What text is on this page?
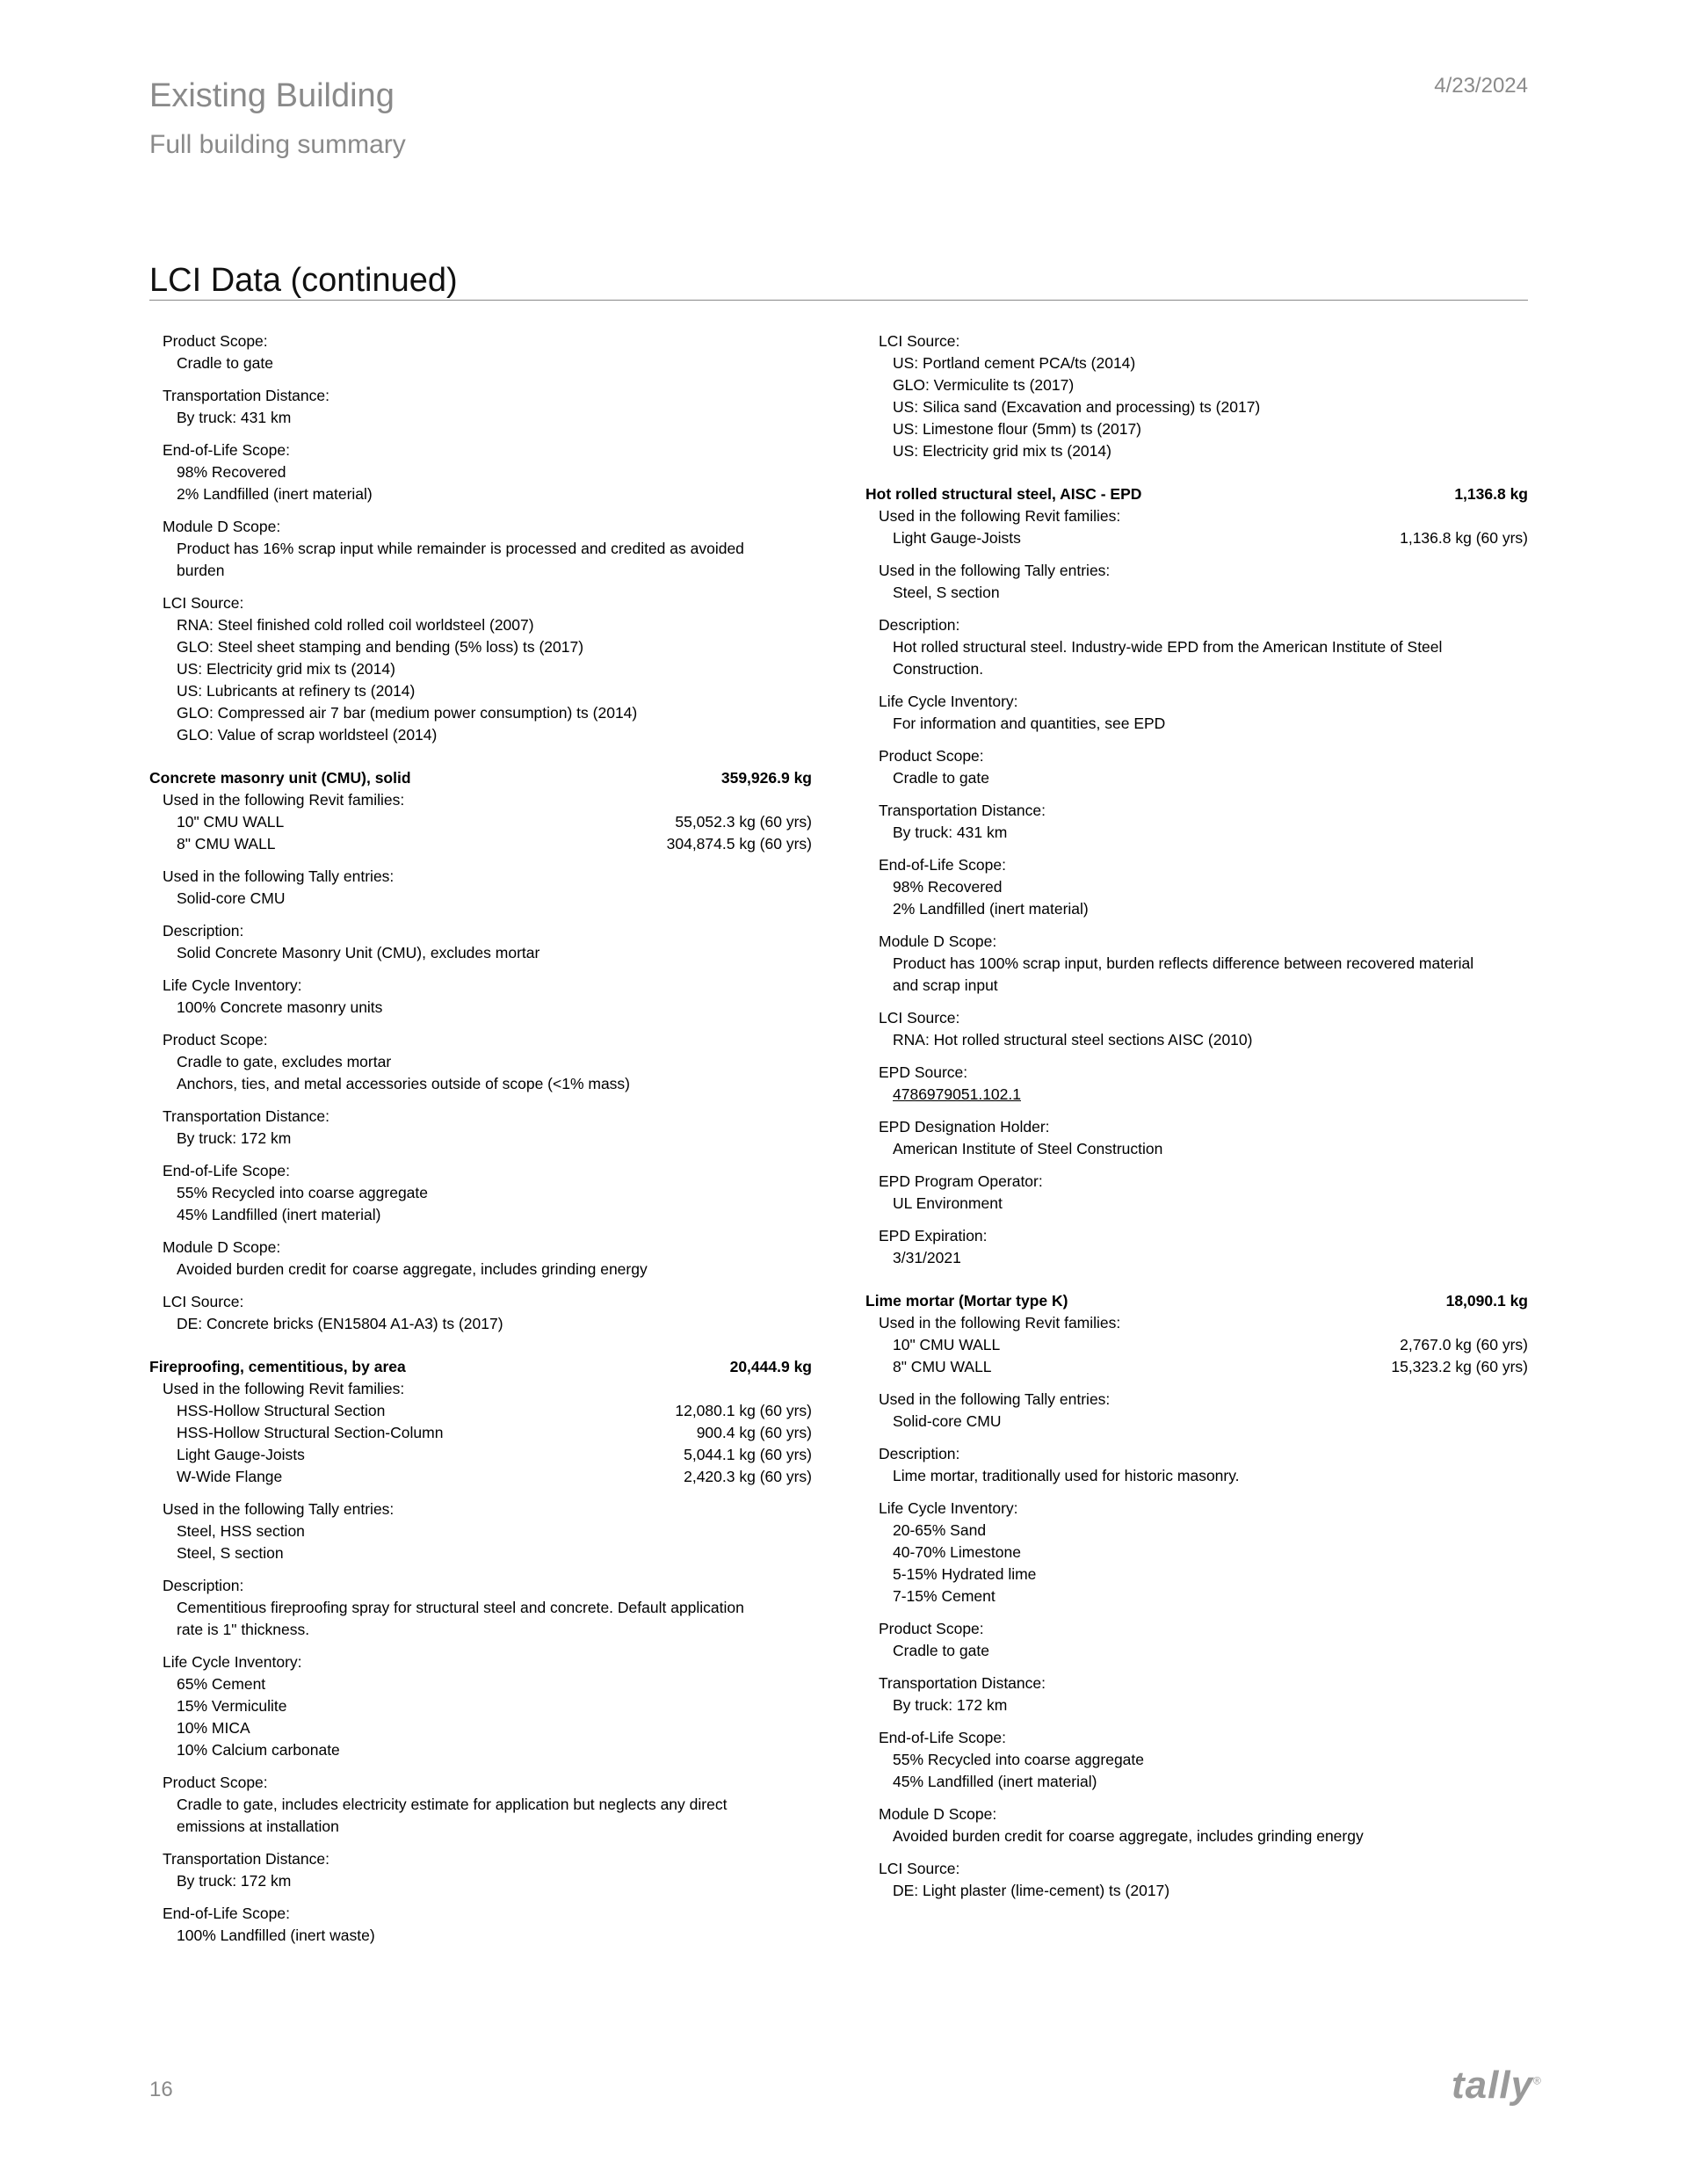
Existing Building
Full building summary
4/23/2024
LCI Data (continued)
Product Scope:
Cradle to gate
Transportation Distance:
By truck: 431 km
End-of-Life Scope:
98% Recovered
2% Landfilled (inert material)
Module D Scope:
Product has 16% scrap input while remainder is processed and credited as avoided
burden
LCI Source:
RNA: Steel finished cold rolled coil worldsteel (2007)
GLO: Steel sheet stamping and bending (5% loss) ts (2017)
US: Electricity grid mix ts (2014)
US: Lubricants at refinery ts (2014)
GLO: Compressed air 7 bar (medium power consumption) ts (2014)
GLO: Value of scrap worldsteel (2014)
Concrete masonry unit (CMU), solid	359,926.9 kg
Used in the following Revit families:
10" CMU WALL	55,052.3 kg (60 yrs)
8" CMU WALL	304,874.5 kg (60 yrs)
Used in the following Tally entries:
Solid-core CMU
Description:
Solid Concrete Masonry Unit (CMU), excludes mortar
Life Cycle Inventory:
100% Concrete masonry units
Product Scope:
Cradle to gate, excludes mortar
Anchors, ties, and metal accessories outside of scope (<1% mass)
Transportation Distance:
By truck: 172 km
End-of-Life Scope:
55% Recycled into coarse aggregate
45% Landfilled (inert material)
Module D Scope:
Avoided burden credit for coarse aggregate, includes grinding energy
LCI Source:
DE: Concrete bricks (EN15804 A1-A3) ts (2017)
Fireproofing, cementitious, by area	20,444.9 kg
Used in the following Revit families:
HSS-Hollow Structural Section	12,080.1 kg (60 yrs)
HSS-Hollow Structural Section-Column	900.4 kg (60 yrs)
Light Gauge-Joists	5,044.1 kg (60 yrs)
W-Wide Flange	2,420.3 kg (60 yrs)
Used in the following Tally entries:
Steel, HSS section
Steel, S section
Description:
Cementitious fireproofing spray for structural steel and concrete. Default application
rate is 1" thickness.
Life Cycle Inventory:
65% Cement
15% Vermiculite
10% MICA
10% Calcium carbonate
Product Scope:
Cradle to gate, includes electricity estimate for application but neglects any direct
emissions at installation
Transportation Distance:
By truck: 172 km
End-of-Life Scope:
100% Landfilled (inert waste)
LCI Source:
US: Portland cement PCA/ts (2014)
GLO: Vermiculite ts (2017)
US: Silica sand (Excavation and processing) ts (2017)
US: Limestone flour (5mm) ts (2017)
US: Electricity grid mix ts (2014)
Hot rolled structural steel, AISC - EPD	1,136.8 kg
Used in the following Revit families:
Light Gauge-Joists	1,136.8 kg (60 yrs)
Used in the following Tally entries:
Steel, S section
Description:
Hot rolled structural steel. Industry-wide EPD from the American Institute of Steel
Construction.
Life Cycle Inventory:
For information and quantities, see EPD
Product Scope:
Cradle to gate
Transportation Distance:
By truck: 431 km
End-of-Life Scope:
98% Recovered
2% Landfilled (inert material)
Module D Scope:
Product has 100% scrap input, burden reflects difference between recovered material
and scrap input
LCI Source:
RNA: Hot rolled structural steel sections AISC (2010)
EPD Source:
4786979051.102.1
EPD Designation Holder:
American Institute of Steel Construction
EPD Program Operator:
UL Environment
EPD Expiration:
3/31/2021
Lime mortar (Mortar type K)	18,090.1 kg
Used in the following Revit families:
10" CMU WALL	2,767.0 kg (60 yrs)
8" CMU WALL	15,323.2 kg (60 yrs)
Used in the following Tally entries:
Solid-core CMU
Description:
Lime mortar, traditionally used for historic masonry.
Life Cycle Inventory:
20-65% Sand
40-70% Limestone
5-15% Hydrated lime
7-15% Cement
Product Scope:
Cradle to gate
Transportation Distance:
By truck: 172 km
End-of-Life Scope:
55% Recycled into coarse aggregate
45% Landfilled (inert material)
Module D Scope:
Avoided burden credit for coarse aggregate, includes grinding energy
LCI Source:
DE: Light plaster (lime-cement) ts (2017)
16	tally®
